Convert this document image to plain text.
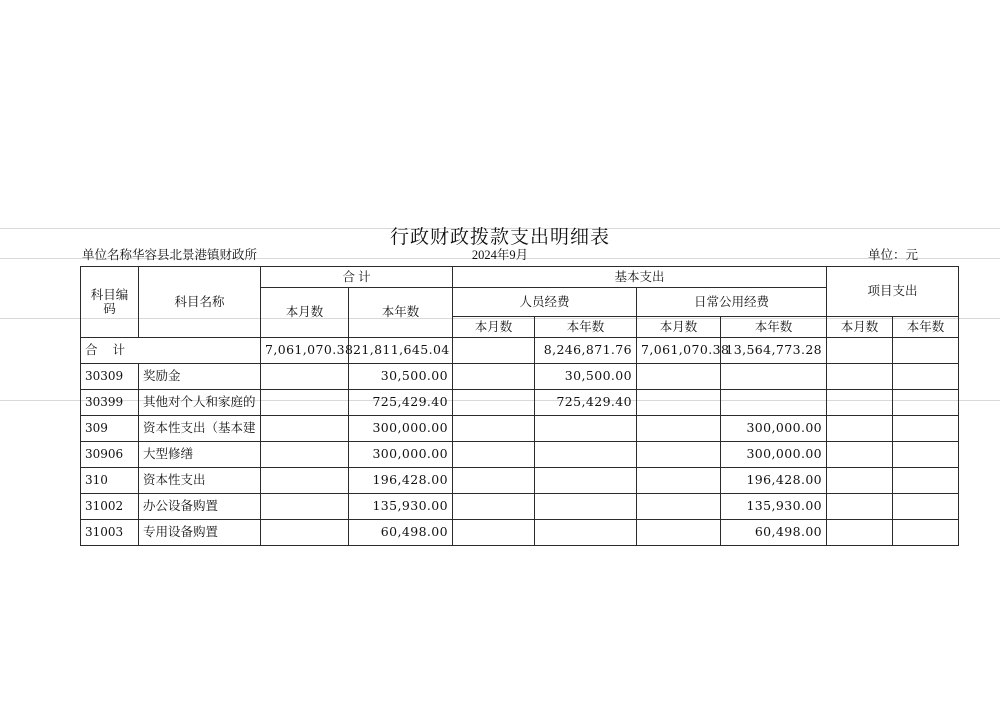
行政财政拨款支出明细表
单位名称华容县北景港镇财政所	2024年9月	单位：元
科目编码	科目名称	合 计		基本支出				项目支出	
		本月数	本年数	人员经费		日常公用经费			
				本月数	本年数	本月数	本年数	本月数	本年数
合 计		7,061,070.38	21,811,645.04		8,246,871.76	7,061,070.38	13,564,773.28		
30309	奖励金		30,500.00		30,500.00				
30399	其他对个人和家庭的		725,429.40		725,429.40				
309	资本性支出（基本建		300,000.00				300,000.00		
30906	大型修缮		300,000.00				300,000.00		
310	资本性支出		196,428.00				196,428.00		
31002	办公设备购置		135,930.00				135,930.00		
31003	专用设备购置		60,498.00				60,498.00		
